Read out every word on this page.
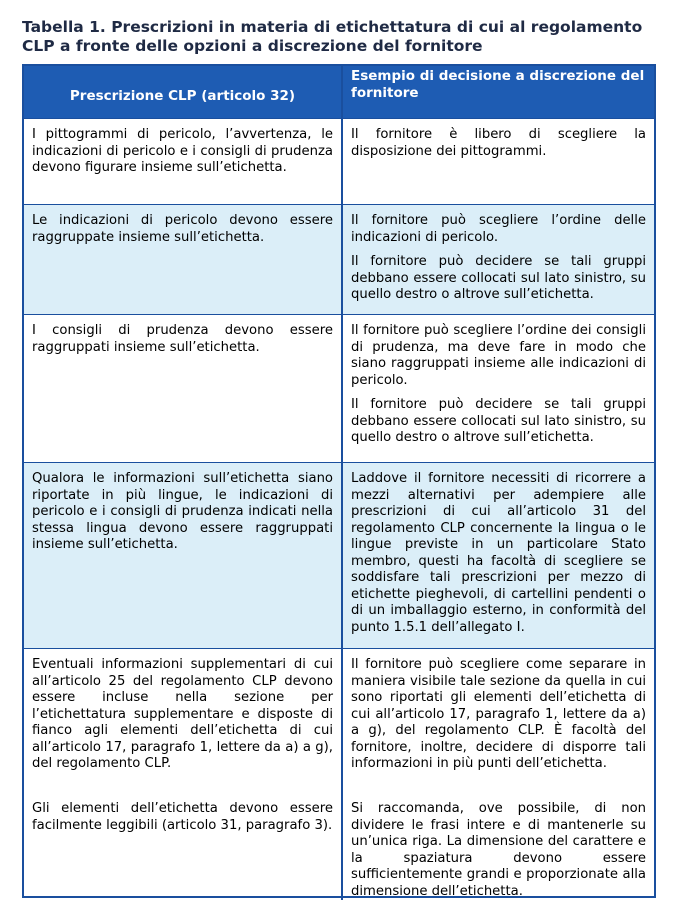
Tabella 1. Prescrizioni in materia di etichettatura di cui al regolamento CLP a fronte delle opzioni a discrezione del fornitore
Prescrizione CLP (articolo 32)
Esempio di decisione a discrezione del fornitore

I pittogrammi di pericolo, l’avvertenza, le indicazioni di pericolo e i consigli di prudenza devono figurare insieme sull’etichetta.

Il fornitore è libero di scegliere la disposizione dei pittogrammi.

Le indicazioni di pericolo devono essere raggruppate insieme sull’etichetta.

Il fornitore può scegliere l’ordine delle indicazioni di pericolo.

Il fornitore può decidere se tali gruppi debbano essere collocati sul lato sinistro, su quello destro o altrove sull’etichetta.

I consigli di prudenza devono essere raggruppati insieme sull’etichetta.

Il fornitore può scegliere l’ordine dei consigli di prudenza, ma deve fare in modo che siano raggruppati insieme alle indicazioni di pericolo.

Il fornitore può decidere se tali gruppi debbano essere collocati sul lato sinistro, su quello destro o altrove sull’etichetta.

Qualora le informazioni sull’etichetta siano riportate in più lingue, le indicazioni di pericolo e i consigli di prudenza indicati nella stessa lingua devono essere raggruppati insieme sull’etichetta.

Laddove il fornitore necessiti di ricorrere a mezzi alternativi per adempiere alle prescrizioni di cui all’articolo 31 del regolamento CLP concernente la lingua o le lingue previste in un particolare Stato membro, questi ha facoltà di scegliere se soddisfare tali prescrizioni per mezzo di etichette pieghevoli, di cartellini pendenti o di un imballaggio esterno, in conformità del punto 1.5.1 dell’allegato I.

Eventuali informazioni supplementari di cui all’articolo 25 del regolamento CLP devono essere incluse nella sezione per l’etichettatura supplementare e disposte di fianco agli elementi dell’etichetta di cui all’articolo 17, paragrafo 1, lettere da a) a g), del regolamento CLP.

Il fornitore può scegliere come separare in maniera visibile tale sezione da quella in cui sono riportati gli elementi dell’etichetta di cui all’articolo 17, paragrafo 1, lettere da a) a g), del regolamento CLP. È facoltà del fornitore, inoltre, decidere di disporre tali informazioni in più punti dell’etichetta.

Gli elementi dell’etichetta devono essere facilmente leggibili (articolo 31, paragrafo 3).

Si raccomanda, ove possibile, di non dividere le frasi intere e di mantenerle su un’unica riga. La dimensione del carattere e la spaziatura devono essere sufficientemente grandi e proporzionate alla dimensione dell’etichetta.
